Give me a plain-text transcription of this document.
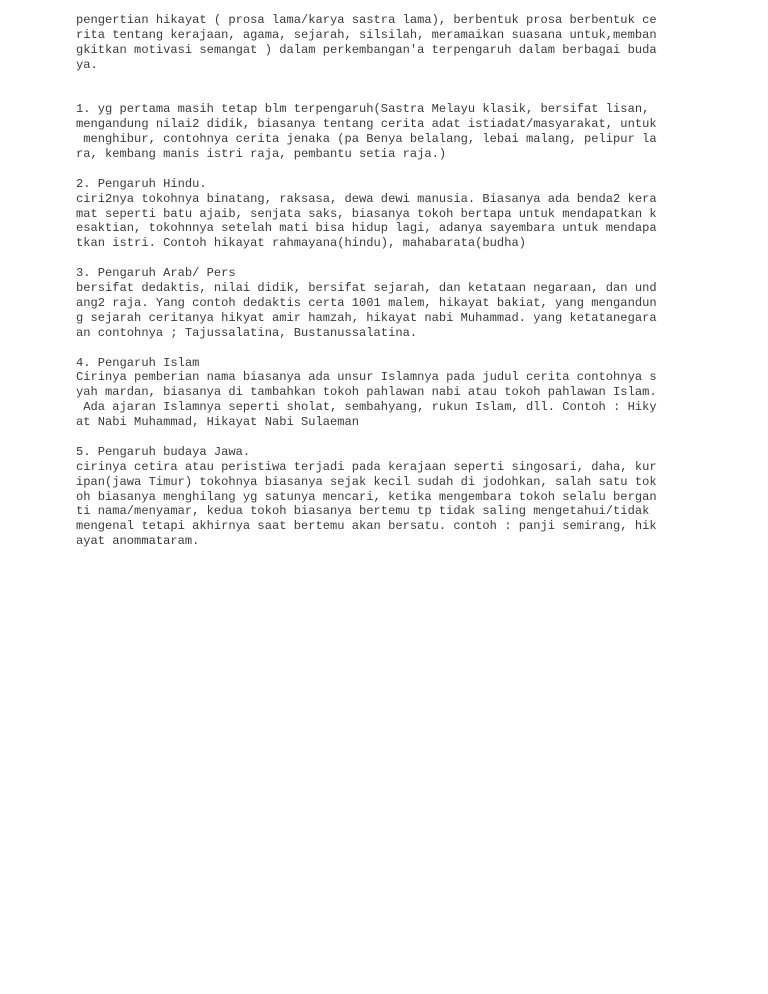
pengertian hikayat ( prosa lama/karya sastra lama), berbentuk prosa berbentuk ce
rita tentang kerajaan, agama, sejarah, silsilah, meramaikan suasana untuk,memban
gkitkan motivasi semangat ) dalam perkembangan'a terpengaruh dalam berbagai buda
ya.
1. yg pertama masih tetap blm terpengaruh(Sastra Melayu klasik, bersifat lisan,
mengandung nilai2 didik, biasanya tentang cerita adat istiadat/masyarakat, untuk
menghibur, contohnya cerita jenaka (pa Benya belalang, lebai malang, pelipur la
ra, kembang manis istri raja, pembantu setia raja.)
2. Pengaruh Hindu.
ciri2nya tokohnya binatang, raksasa, dewa dewi manusia. Biasanya ada benda2 kera
mat seperti batu ajaib, senjata saks, biasanya tokoh bertapa untuk mendapatkan k
esaktian, tokohnnya setelah mati bisa hidup lagi, adanya sayembara untuk mendapa
tkan istri. Contoh hikayat rahmayana(hindu), mahabarata(budha)
3. Pengaruh Arab/ Pers
bersifat dedaktis, nilai didik, bersifat sejarah, dan ketataan negaraan, dan und
ang2 raja. Yang contoh dedaktis certa 1001 malem, hikayat bakiat, yang mengandun
g sejarah ceritanya hikyat amir hamzah, hikayat nabi Muhammad. yang ketatanegara
an contohnya ; Tajussalatina, Bustanussalatina.
4. Pengaruh Islam
Cirinya pemberian nama biasanya ada unsur Islamnya pada judul cerita contohnya s
yah mardan, biasanya di tambahkan tokoh pahlawan nabi atau tokoh pahlawan Islam.
Ada ajaran Islamnya seperti sholat, sembahyang, rukun Islam, dll. Contoh : Hiky
at Nabi Muhammad, Hikayat Nabi Sulaeman
5. Pengaruh budaya Jawa.
cirinya cetira atau peristiwa terjadi pada kerajaan seperti singosari, daha, kur
ipan(jawa Timur) tokohnya biasanya sejak kecil sudah di jodohkan, salah satu tok
oh biasanya menghilang yg satunya mencari, ketika mengembara tokoh selalu bergan
ti nama/menyamar, kedua tokoh biasanya bertemu tp tidak saling mengetahui/tidak
mengenal tetapi akhirnya saat bertemu akan bersatu. contoh : panji semirang, hik
ayat anommataram.
